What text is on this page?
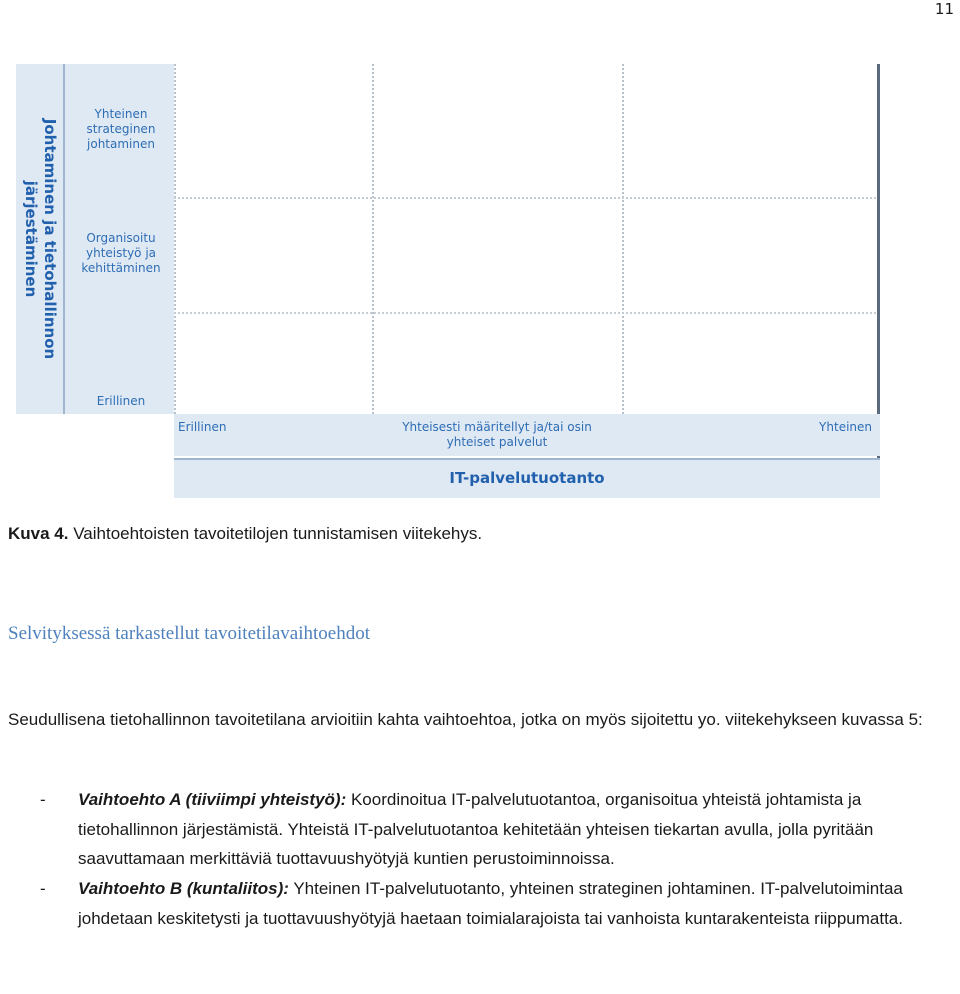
11
Johtaminen ja tietohallinnon
järjestäminen
Yhteinen
strateginen
johtaminen
Organisoitu
yhteistyö ja
kehittäminen
Erillinen
Erillinen	Yhteisesti määritellyt ja/tai osin
yhteiset palvelut
Yhteinen
IT-palvelutuotanto
Kuva 4. Vaihtoehtoisten tavoitetilojen tunnistamisen viitekehys.
Selvityksessä tarkastellut tavoitetilavaihtoehdot
Seudullisena tietohallinnon tavoitetilana arvioitiin kahta vaihtoehtoa, jotka on myös sijoitettu yo. viitekehykseen kuvassa 5:
- Vaihtoehto A (tiiviimpi yhteistyö): Koordinoitua IT-palvelutuotantoa, organisoitua yhteistä johtamista ja tietohallinnon järjestämistä. Yhteistä IT-palvelutuotantoa kehitetään yhteisen tiekartan avulla, jolla pyritään saavuttamaan merkittäviä tuottavuushyötyjä kuntien perustoiminnoissa.
- Vaihtoehto B (kuntaliitos): Yhteinen IT-palvelutuotanto, yhteinen strateginen johtaminen. IT-palvelutoimintaa johdetaan keskitetysti ja tuottavuushyötyjä haetaan toimialarajoista tai vanhoista kuntarakenteista riippumatta.
